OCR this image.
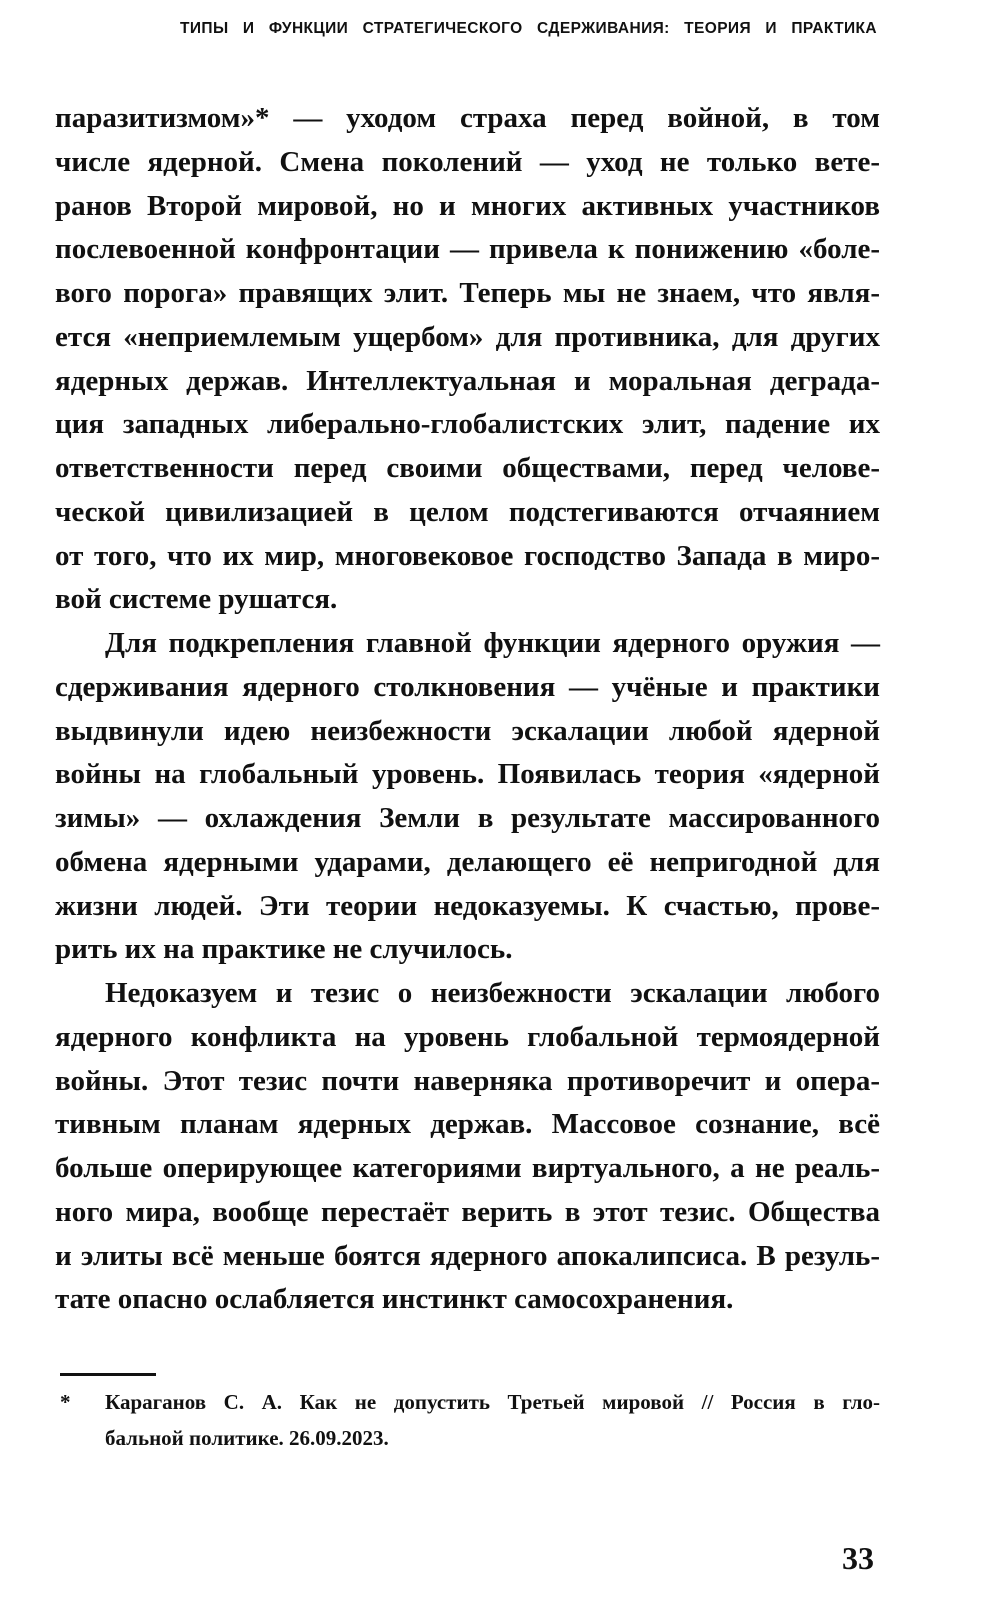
ТИПЫ И ФУНКЦИИ СТРАТЕГИЧЕСКОГО СДЕРЖИВАНИЯ: ТЕОРИЯ И ПРАКТИКА
паразитизмом»* — уходом страха перед войной, в том
числе ядерной. Смена поколений — уход не только вете-
ранов Второй мировой, но и многих активных участников
послевоенной конфронтации — привела к понижению «боле-
вого порога» правящих элит. Теперь мы не знаем, что явля-
ется «неприемлемым ущербом» для противника, для других
ядерных держав. Интеллектуальная и моральная деграда-
ция западных либерально-глобалистских элит, падение их
ответственности перед своими обществами, перед челове-
ческой цивилизацией в целом подстегиваются отчаянием
от того, что их мир, многовековое господство Запада в миро-
вой системе рушатся.
Для подкрепления главной функции ядерного оружия —
сдерживания ядерного столкновения — учёные и практики
выдвинули идею неизбежности эскалации любой ядерной
войны на глобальный уровень. Появилась теория «ядерной
зимы» — охлаждения Земли в результате массированного
обмена ядерными ударами, делающего её непригодной для
жизни людей. Эти теории недоказуемы. К счастью, прове-
рить их на практике не случилось.
Недоказуем и тезис о неизбежности эскалации любого
ядерного конфликта на уровень глобальной термоядерной
войны. Этот тезис почти наверняка противоречит и опера-
тивным планам ядерных держав. Массовое сознание, всё
больше оперирующее категориями виртуального, а не реаль-
ного мира, вообще перестаёт верить в этот тезис. Общества
и элиты всё меньше боятся ядерного апокалипсиса. В резуль-
тате опасно ослабляется инстинкт самосохранения.
* Караганов С. А. Как не допустить Третьей мировой // Россия в гло-
бальной политике. 26.09.2023.
33
